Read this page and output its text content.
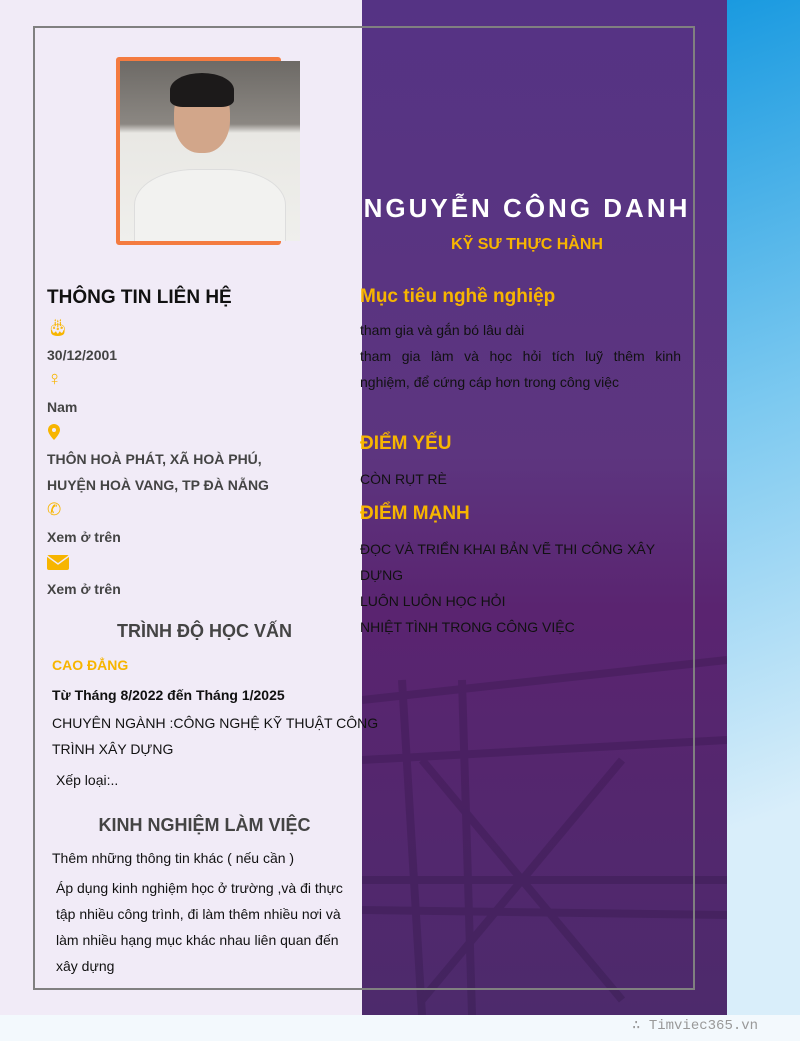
THÔNG TIN LIÊN HỆ
🎂︎
30/12/2001
♀
Nam
THÔN HOÀ PHÁT, XÃ HOÀ PHÚ,
HUYỆN HOÀ VANG, TP ĐÀ NẴNG
✆
Xem ở trên
Xem ở trên
TRÌNH ĐỘ HỌC VẤN
CAO ĐẲNG
Từ Tháng 8/2022 đến Tháng 1/2025
CHUYÊN NGÀNH :CÔNG NGHỆ KỸ THUẬT CÔNG
TRÌNH XÂY DỰNG
Xếp loại:..
KINH NGHIỆM LÀM VIỆC
Thêm những thông tin khác ( nếu cần )
Áp dụng kinh nghiệm học ở trường ,và đi thực
tập nhiều công trình, đi làm thêm nhiều nơi và
làm nhiều hạng mục khác nhau liên quan đến
xây dựng
NGUYỄN CÔNG DANH
KỸ SƯ THỰC HÀNH
Mục tiêu nghề nghiệp
tham gia và gắn bó lâu dài
tham gia làm và học hỏi tích luỹ thêm kinh
nghiệm, để cứng cáp hơn trong công việc
ĐIỂM YẾU
CÒN RỤT RÈ
ĐIỂM MẠNH
ĐỌC VÀ TRIỂN KHAI BẢN VẼ THI CÔNG XÂY
DỰNG
LUÔN LUÔN HỌC HỎI
NHIỆT TÌNH TRONG CÔNG VIỆC
∴ Timviec365.vn
